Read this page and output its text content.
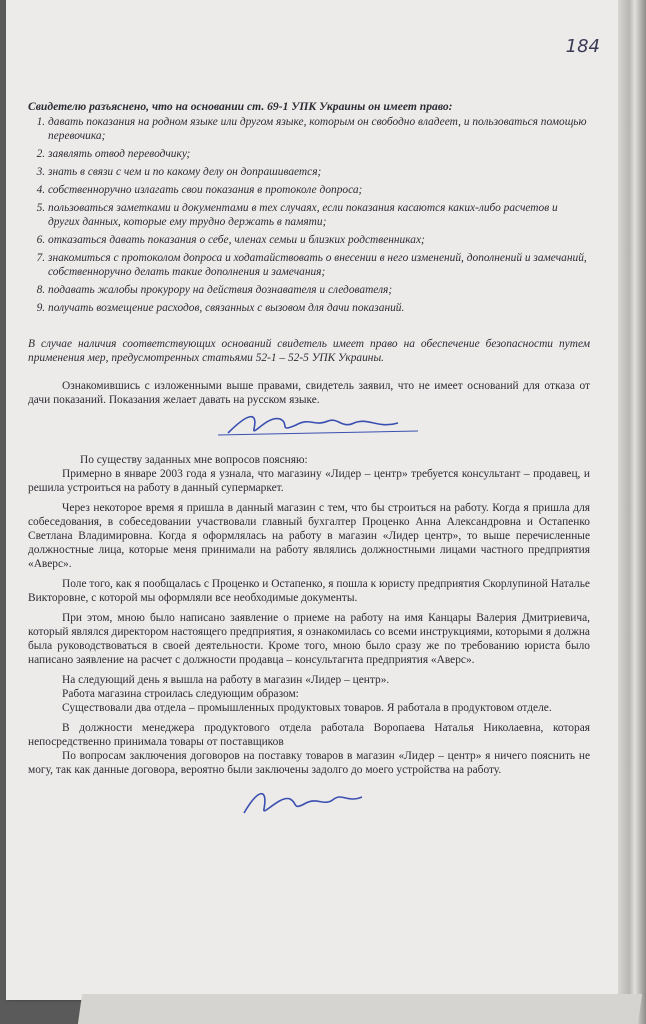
184
Свидетелю разъяснено, что на основании ст. 69-1 УПК Украины он имеет право:
1. давать показания на родном языке или другом языке, которым он свободно владеет, и пользоваться помощью перевочика;
2. заявлять отвод переводчику;
3. знать в связи с чем и по какому делу он допрашивается;
4. собственноручно излагать свои показания в протоколе допроса;
5. пользоваться заметками и документами в тех случаях, если показания касаются каких-либо расчетов и других данных, которые ему трудно держать в памяти;
6. отказаться давать показания о себе, членах семьи и близких родственниках;
7. знакомиться с протоколом допроса и ходатайствовать о внесении в него изменений, дополнений и замечаний, собственноручно делать такие дополнения и замечания;
8. подавать жалобы прокурору на действия дознавателя и следователя;
9. получать возмещение расходов, связанных с вызовом для дачи показаний.

В случае наличия соответствующих оснований свидетель имеет право на обеспечение безопасности путем применения мер, предусмотренных статьями 52-1 – 52-5 УПК Украины.

Ознакомившись с изложенными выше правами, свидетель заявил, что не имеет оснований для отказа от дачи показаний. Показания желает давать на русском языке.

По существу заданных мне вопросов поясняю:

Примерно в январе 2003 года я узнала, что магазину «Лидер – центр» требуется консультант – продавец, и решила устроиться на работу в данный супермаркет.

Через некоторое время я пришла в данный магазин с тем, что бы строиться на работу. Когда я пришла для собеседования, в собеседовании участвовали главный бухгалтер Проценко Анна Александровна и Остапенко Светлана Владимировна. Когда я оформлялась на работу в магазин «Лидер центр», то выше перечисленные должностные лица, которые меня принимали на работу являлись должностными лицами частного предприятия «Аверс».

Поле того, как я пообщалась с Проценко и Остапенко, я пошла к юристу предприятия Скорлупиной Наталье Викторовне, с которой мы оформляли все необходимые документы.

При этом, мною было написано заявление о приеме на работу на имя Канцары Валерия Дмитриевича, который являлся директором настоящего предприятия, я ознакомилась со всеми инструкциями, которыми я должна была руководствоваться в своей деятельности. Кроме того, мною было сразу же по требованию юриста было написано заявление на расчет с должности продавца – консультагнта предприятия «Аверс».

На следующий день я вышла на работу в магазин «Лидер – центр».

Работа магазина строилась следующим образом:

Существовали два отдела – промышленных продуктовых товаров. Я работала в продуктовом отделе.

В должности менеджера продуктового отдела работала Воропаева Наталья Николаевна, которая непосредственно принимала товары от поставщиков

По вопросам заключения договоров на поставку товаров в магазин «Лидер – центр» я ничего пояснить не могу, так как данные договора, вероятно были заключены задолго до моего устройства на работу.
